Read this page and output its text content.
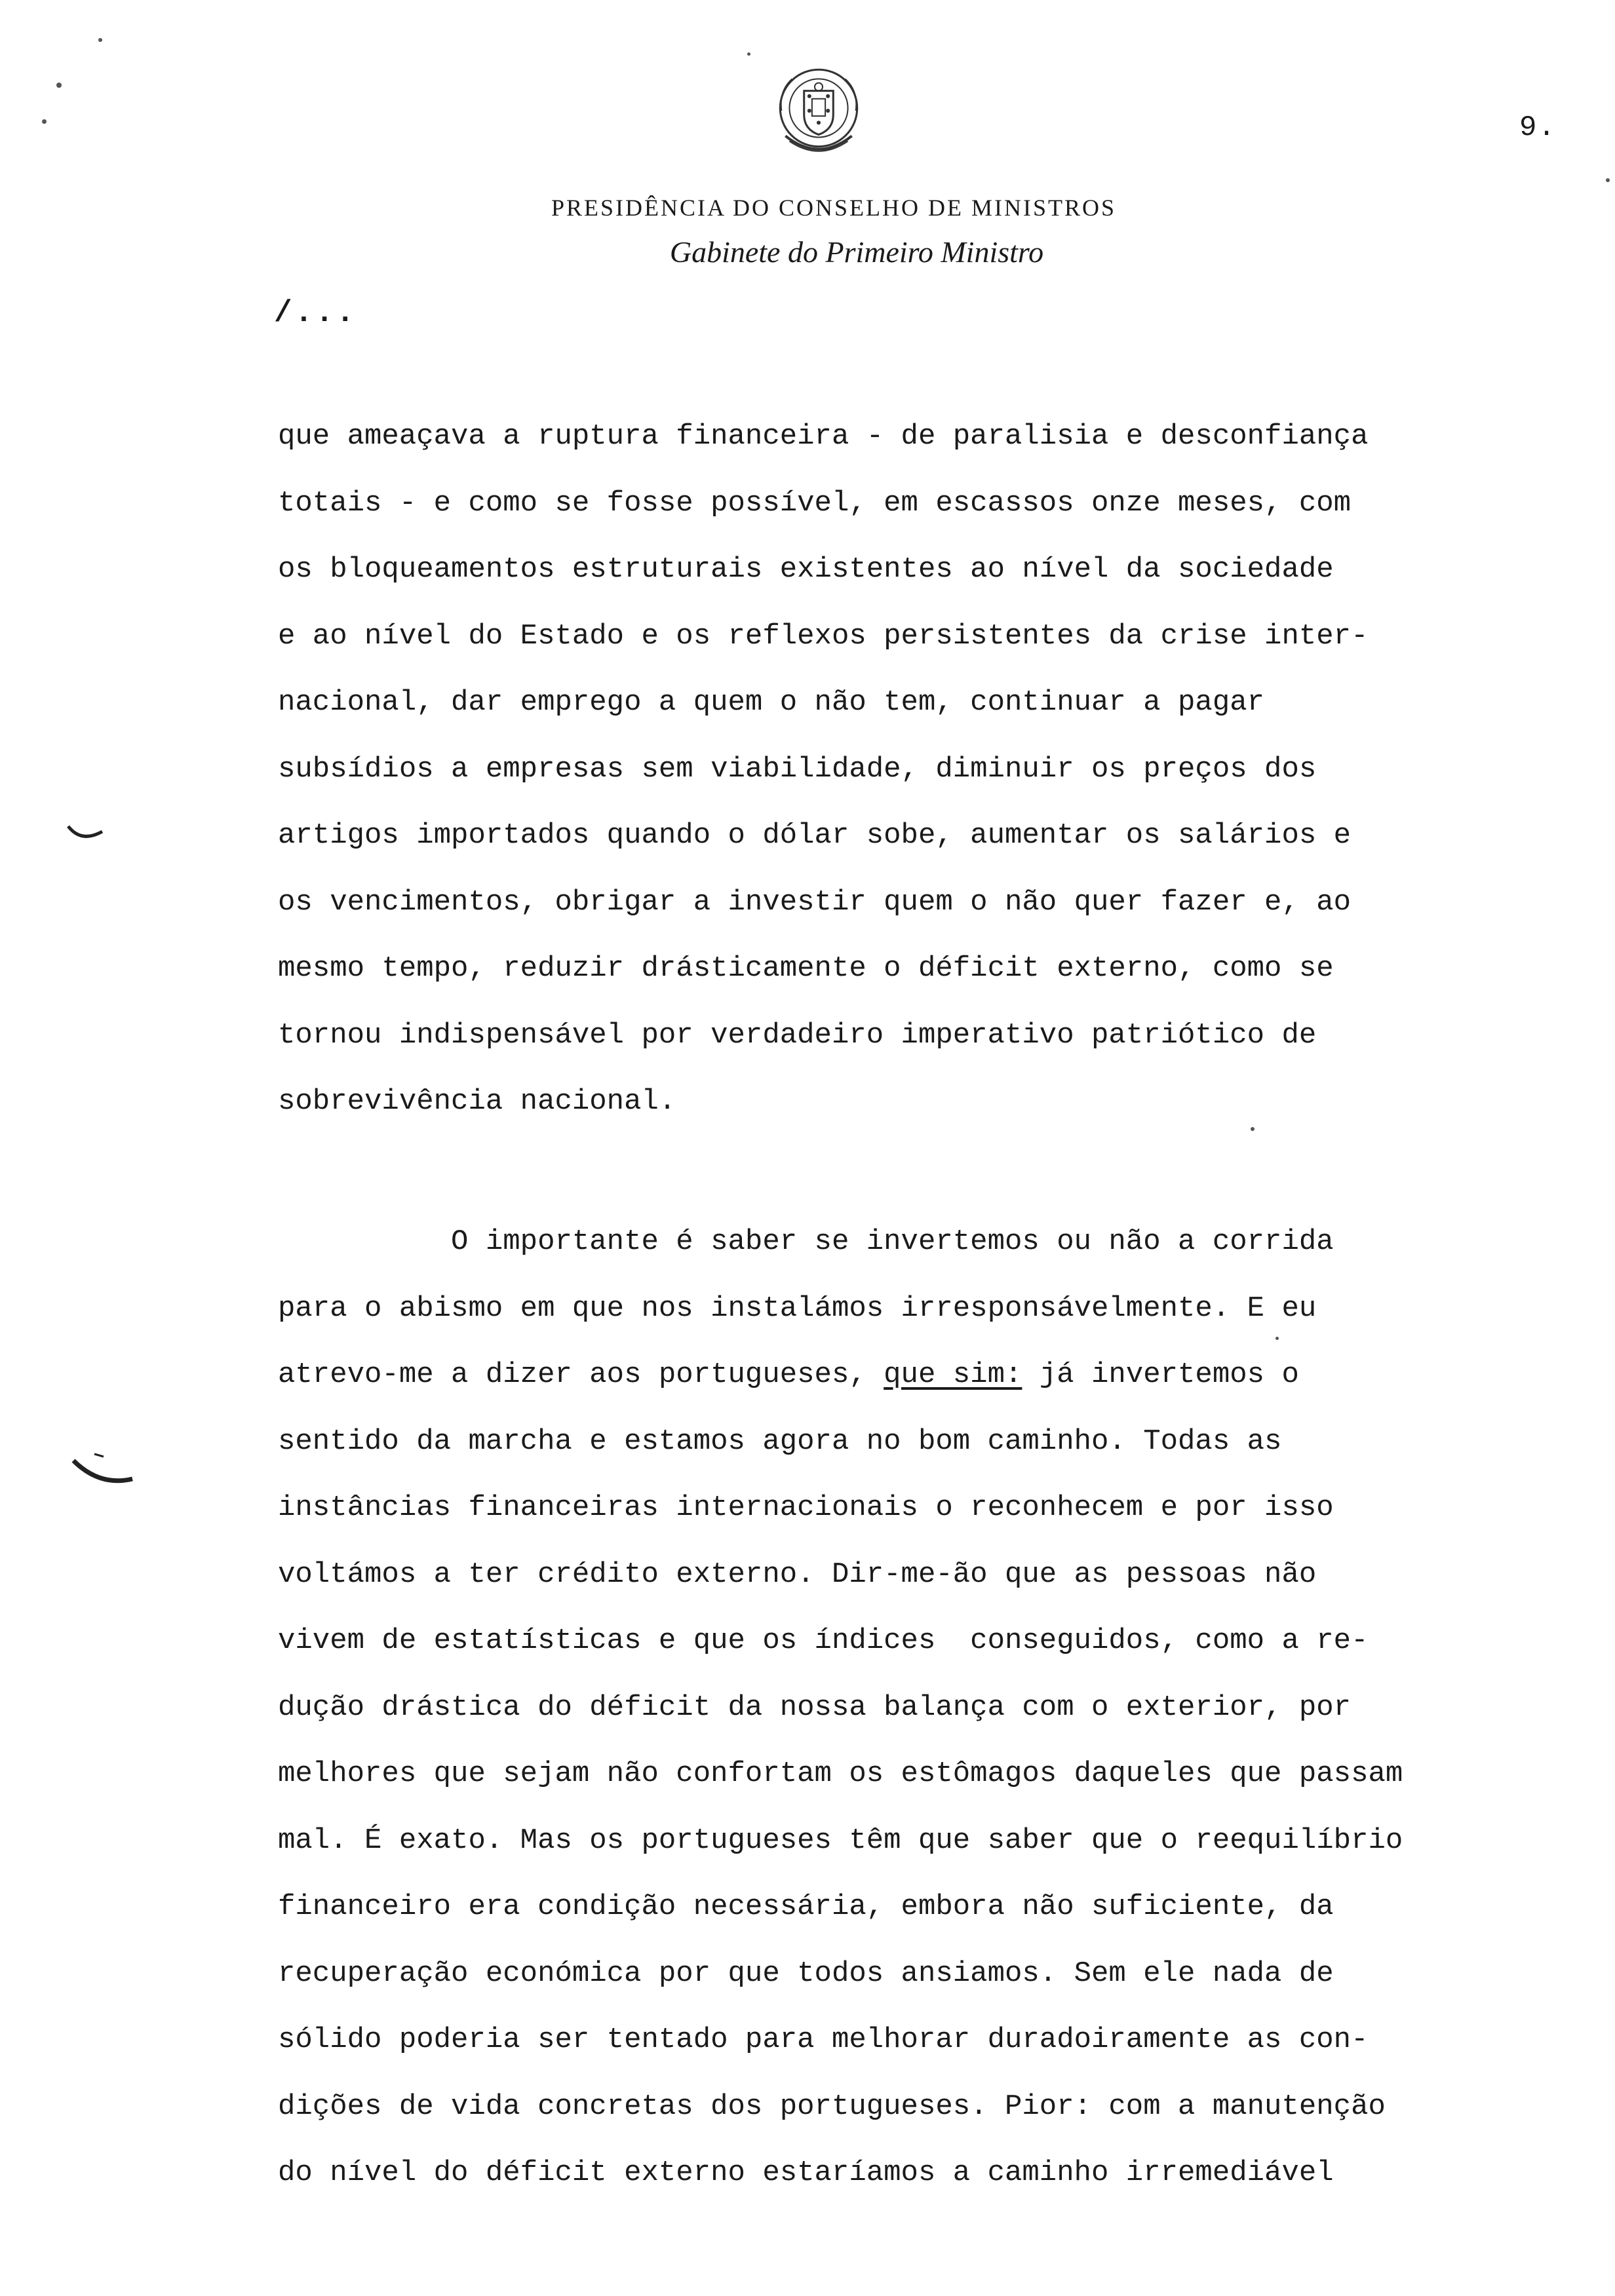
9.
PRESIDÊNCIA DO CONSELHO DE MINISTROS
Gabinete do Primeiro Ministro
/...
que ameaçava a ruptura financeira - de paralisia e desconfiança
totais - e como se fosse possível, em escassos onze meses, com
os bloqueamentos estruturais existentes ao nível da sociedade
e ao nível do Estado e os reflexos persistentes da crise inter-
nacional, dar emprego a quem o não tem, continuar a pagar
subsídios a empresas sem viabilidade, diminuir os preços dos
artigos importados quando o dólar sobe, aumentar os salários e
os vencimentos, obrigar a investir quem o não quer fazer e, ao
mesmo tempo, reduzir drásticamente o déficit externo, como se
tornou indispensável por verdadeiro imperativo patriótico de
sobrevivência nacional.
O importante é saber se invertemos ou não a corrida
para o abismo em que nos instalámos irresponsávelmente. E eu
atrevo-me a dizer aos portugueses, que sim: já invertemos o
sentido da marcha e estamos agora no bom caminho. Todas as
instâncias financeiras internacionais o reconhecem e por isso
voltámos a ter crédito externo. Dir-me-ão que as pessoas não
vivem de estatísticas e que os índices  conseguidos, como a re-
dução drástica do déficit da nossa balança com o exterior, por
melhores que sejam não confortam os estômagos daqueles que passam
mal. É exato. Mas os portugueses têm que saber que o reequilíbrio
financeiro era condição necessária, embora não suficiente, da
recuperação económica por que todos ansiamos. Sem ele nada de
sólido poderia ser tentado para melhorar duradoiramente as con-
dições de vida concretas dos portugueses. Pior: com a manutenção
do nível do déficit externo estaríamos a caminho irremediável
